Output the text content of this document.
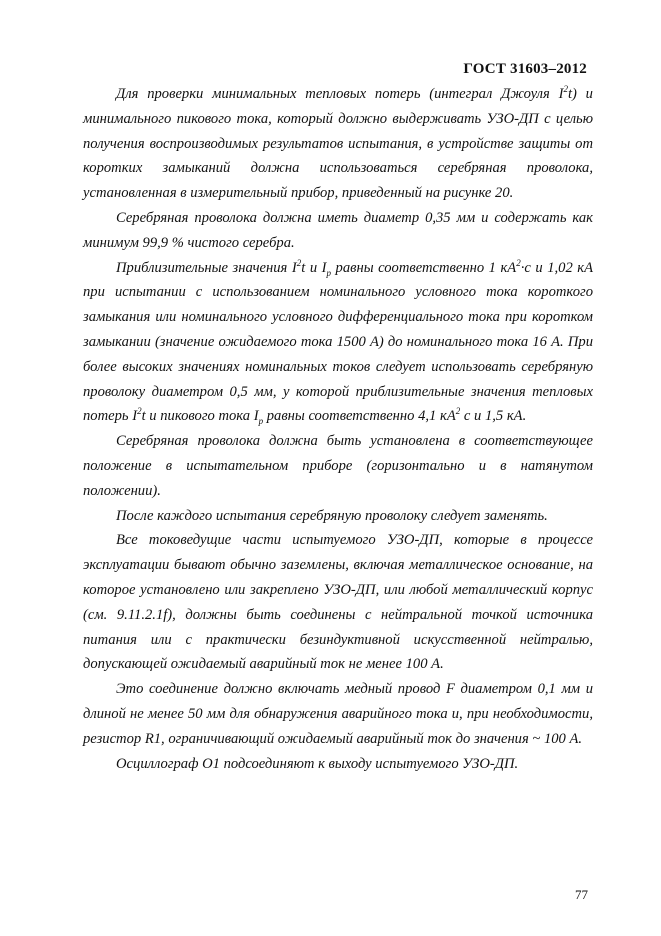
ГОСТ 31603–2012

Для проверки минимальных тепловых потерь (интеграл Джоуля $I^2t$) и минимального пикового тока, который должно выдерживать УЗО-ДП с целью получения воспроизводимых результатов испытания, в устройстве защиты от коротких замыканий должна использоваться серебряная проволока, установленная в измерительный прибор, приведенный на рисунке 20.

Серебряная проволока должна иметь диаметр 0,35 мм и содержать как минимум 99,9 % чистого серебра.

Приблизительные значения $I^2t$ и $I_p$ равны соответственно 1 $кА^2\cdot с$ и 1,02 кА при испытании с использованием номинального условного тока короткого замыкания или номинального условного дифференциального тока при коротком замыкании (значение ожидаемого тока 1500 А) до номинального тока 16 А. При более высоких значениях номинальных токов следует использовать серебряную проволоку диаметром 0,5 мм, у которой приблизительные значения тепловых потерь $I^2t$ и пикового тока $I_p$ равны соответственно 4,1 $кА^2$ с и 1,5 кА.

Серебряная проволока должна быть установлена в соответствующее положение в испытательном приборе (горизонтально и в натянутом положении).

После каждого испытания серебряную проволоку следует заменять.

Все токоведущие части испытуемого УЗО-ДП, которые в процессе эксплуатации бывают обычно заземлены, включая металлическое основание, на которое установлено или закреплено УЗО-ДП, или любой металлический корпус (см. 9.11.2.1f), должны быть соединены с нейтральной точкой источника питания или с практически безиндуктивной искусственной нейтралью, допускающей ожидаемый аварийный ток не менее 100 А.

Это соединение должно включать медный провод F диаметром 0,1 мм и длиной не менее 50 мм для обнаружения аварийного тока и, при необходимости, резистор R1, ограничивающий ожидаемый аварийный ток до значения ~ 100 А.

Осциллограф O1 подсоединяют к выходу испытуемого УЗО-ДП.

77
